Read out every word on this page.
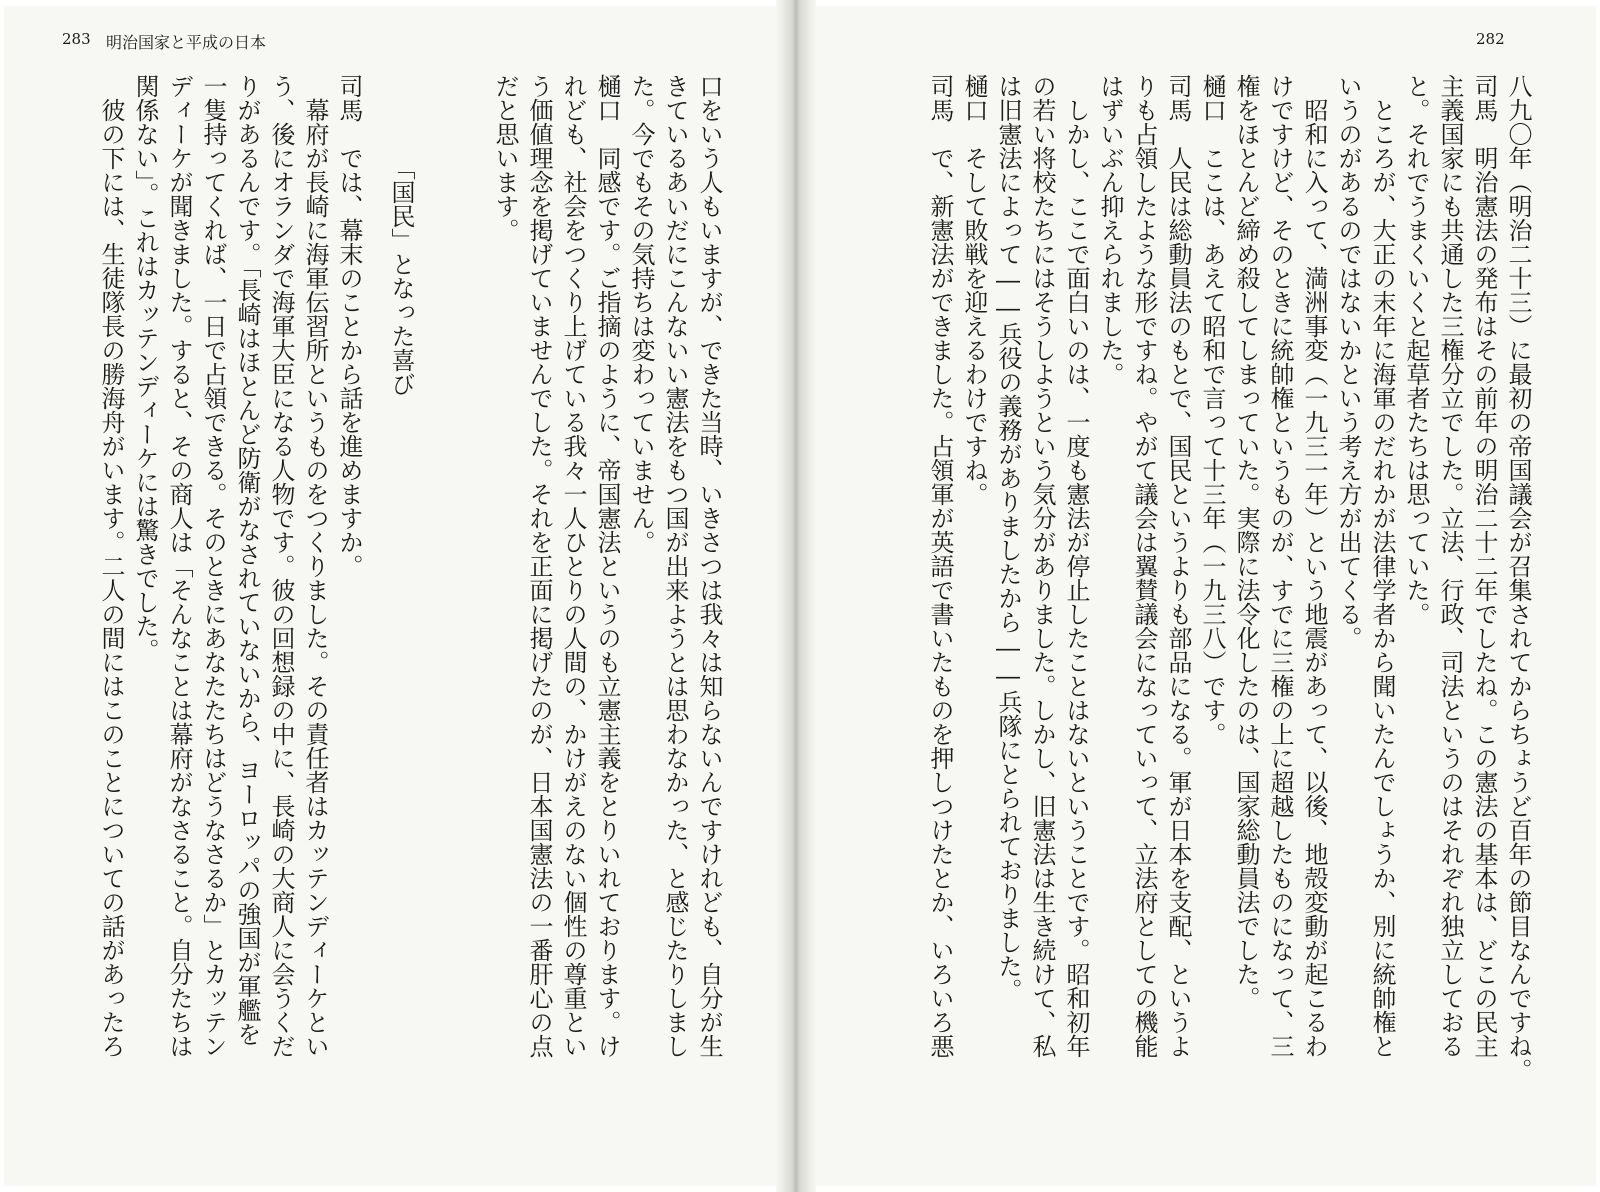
283 明治国家と平成の日本	282

八九〇年（明治二十三）に最初の帝国議会が召集されてからちょうど百年の節目なんですね。

司馬　明治憲法の発布はその前年の明治二十二年でしたね。この憲法の基本は、どこの民主

主義国家にも共通した三権分立でした。立法、行政、司法というのはそれぞれ独立しておる

と。それでうまくいくと起草者たちは思っていた。

　ところが、大正の末年に海軍のだれかが法律学者から聞いたんでしょうか、別に統帥権と

いうのがあるのではないかという考え方が出てくる。

　昭和に入って、満洲事変（一九三一年）という地震があって、以後、地殻変動が起こるわ

けですけど、そのときに統帥権というものが、すでに三権の上に超越したものになって、三

権をほとんど締め殺してしまっていた。実際に法令化したのは、国家総動員法でした。

樋口　ここは、あえて昭和で言って十三年（一九三八）です。

司馬　人民は総動員法のもとで、国民というよりも部品になる。軍が日本を支配、というよ

りも占領したような形ですね。やがて議会は翼賛議会になっていって、立法府としての機能

はずいぶん抑えられました。

　しかし、ここで面白いのは、一度も憲法が停止したことはないということです。昭和初年

の若い将校たちにはそうしようという気分がありました。しかし、旧憲法は生き続けて、私

は旧憲法によって――兵役の義務がありましたから――兵隊にとられておりました。

樋口　そして敗戦を迎えるわけですね。

司馬　で、新憲法ができました。占領軍が英語で書いたものを押しつけたとか、いろいろ悪

口をいう人もいますが、できた当時、いきさつは我々は知らないんですけれども、自分が生

きているあいだにこんないい憲法をもつ国が出来ようとは思わなかった、と感じたりしまし

た。今でもその気持ちは変わっていません。

樋口　同感です。ご指摘のように、帝国憲法というのも立憲主義をとりいれております。け

れども、社会をつくり上げている我々一人ひとりの人間の、かけがえのない個性の尊重とい

う価値理念を掲げていませんでした。それを正面に掲げたのが、日本国憲法の一番肝心の点

だと思います。

「国民」となった喜び

司馬　では、幕末のことから話を進めますか。

　幕府が長崎に海軍伝習所というものをつくりました。その責任者はカッテンディーケとい

う、後にオランダで海軍大臣になる人物です。彼の回想録の中に、長崎の大商人に会うくだ

りがあるんです。「長崎はほとんど防衛がなされていないから、ヨーロッパの強国が軍艦を

一隻持ってくれば、一日で占領できる。そのときにあなたたちはどうなさるか」とカッテン

ディーケが聞きました。すると、その商人は「そんなことは幕府がなさること。自分たちは

関係ない」。これはカッテンディーケには驚きでした。

　彼の下には、生徒隊長の勝海舟がいます。二人の間にはこのことについての話があったろ
